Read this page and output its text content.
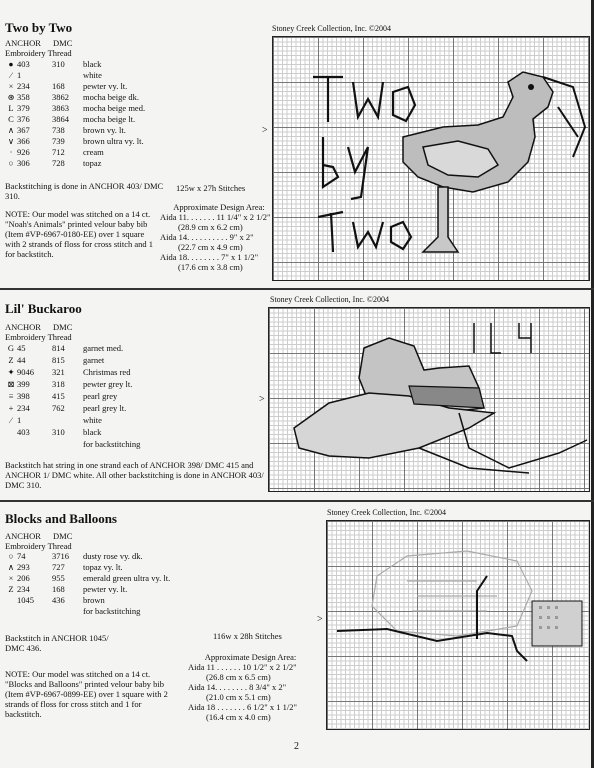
Two by Two
ANCHOR DMC
Embroidery Thread
● 403	310 black
⁄ 1	white
× 234	168 pewter vy. lt.
⊛ 358	3862 mocha beige dk.
L 379	3863 mocha beige med.
C 376	3864 mocha beige lt.
∧ 367	738 brown vy. lt.
∨ 366	739 brown ultra vy. lt.
· 926	712 cream
○ 306	728 topaz
Backstitching is done in ANCHOR 403/ DMC 310.
NOTE: Our model was stitched on a 14 ct. "Noah's Animals" printed velour baby bib (Item #VP-6967-0180-EE) over 1 square with 2 strands of floss for cross stitch and 1 for backstitch.
125w x 27h Stitches
Approximate Design Area:
Aida 11. . . . . . . 11 1/4" x 2 1/2"
(28.9 cm x 6.2 cm)
Aida 14. . . . . . . . . . 9" x 2"
(22.7 cm x 4.9 cm)
Aida 18. . . . . . . . 7" x 1 1/2"
(17.6 cm x 3.8 cm)
Stoney Creek Collection, Inc. ©2004
>
Lil' Buckaroo
ANCHOR DMC
Embroidery Thread
G 45	814 garnet med.
Z 44	815 garnet
✦ 9046 321 Christmas red
⊠ 399	318 pewter grey lt.
≡ 398	415 pearl grey
+ 234	762 pearl grey lt.
⁄ 1	white
403	310 black
for backstitching
Backstitch hat string in one strand each of ANCHOR 398/ DMC 415 and ANCHOR 1/ DMC white. All other backstitching is done in ANCHOR 403/ DMC 310.
Stoney Creek Collection, Inc. ©2004
>
Blocks and Balloons
ANCHOR DMC
Embroidery Thread
○ 74	3716 dusty rose vy. dk.
∧ 293	727 topaz vy. lt.
× 206	955 emerald green ultra vy. lt.
Z 234	168 pewter vy. lt.
1045 436 brown
for backstitching
Backstitch in ANCHOR 1045/ DMC 436.
NOTE: Our model was stitched on a 14 ct. "Blocks and Balloons" printed velour baby bib (Item #VP-6967-0899-EE) over 1 square with 2 strands of floss for cross stitch and 1 for backstitch.
116w x 28h Stitches
Approximate Design Area:
Aida 11 . . . . . . 10 1/2" x 2 1/2"
(26.8 cm x 6.5 cm)
Aida 14. . . . . . . . 8 3/4" x 2"
(21.0 cm x 5.1 cm)
Aida 18 . . . . . . . 6 1/2" x 1 1/2"
(16.4 cm x 4.0 cm)
Stoney Creek Collection, Inc. ©2004
>
2
